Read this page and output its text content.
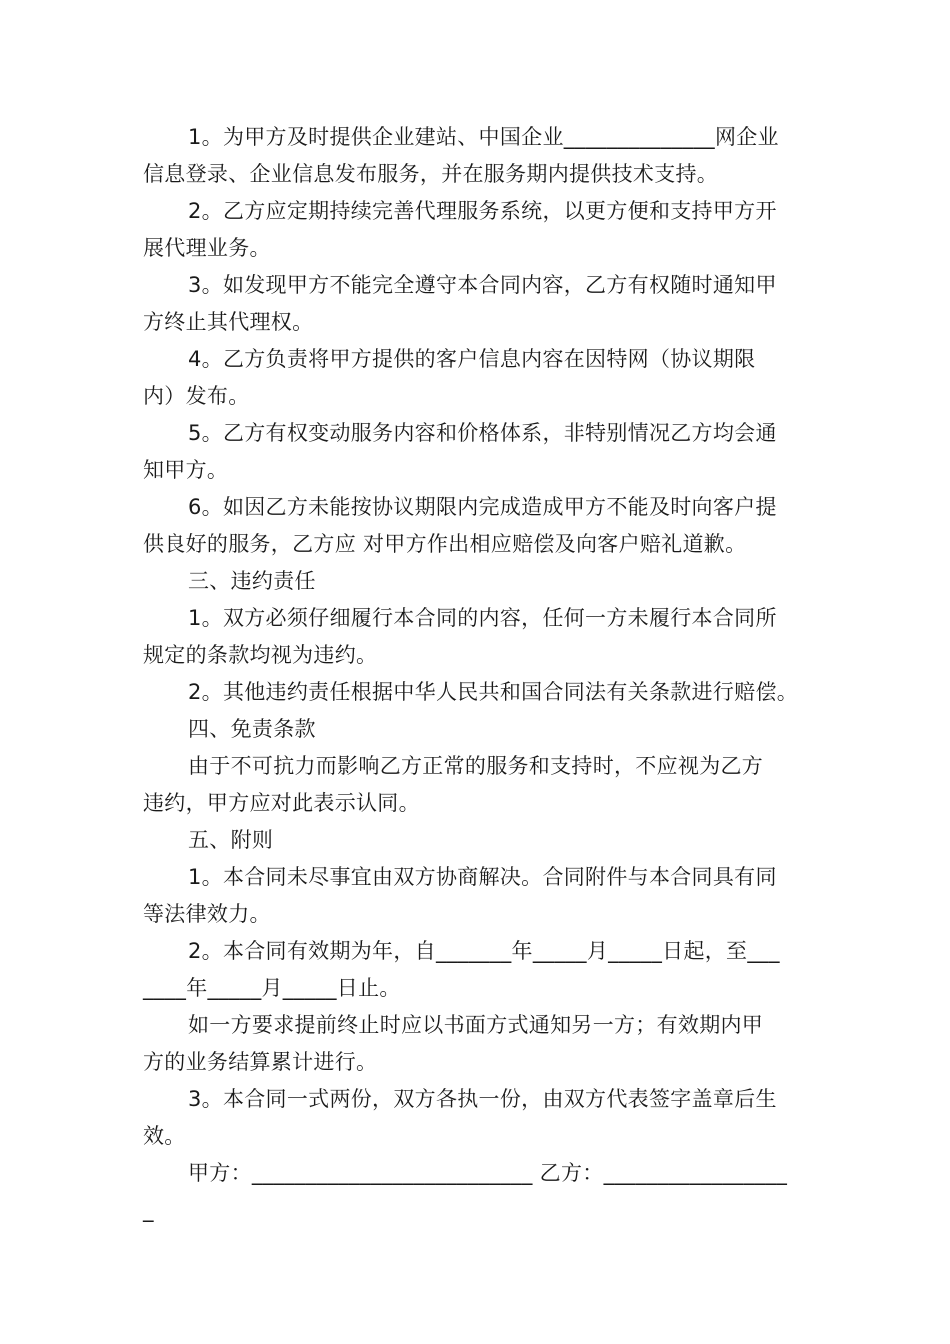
1。为甲方及时提供企业建站、中国企业______________网企业
信息登录、企业信息发布服务，并在服务期内提供技术支持。
2。乙方应定期持续完善代理服务系统，以更方便和支持甲方开
展代理业务。
3。如发现甲方不能完全遵守本合同内容，乙方有权随时通知甲
方终止其代理权。
4。乙方负责将甲方提供的客户信息内容在因特网（协议期限
内）发布。
5。乙方有权变动服务内容和价格体系，非特别情况乙方均会通
知甲方。
6。如因乙方未能按协议期限内完成造成甲方不能及时向客户提
供良好的服务，乙方应 对甲方作出相应赔偿及向客户赔礼道歉。
三、违约责任
1。双方必须仔细履行本合同的内容，任何一方未履行本合同所
规定的条款均视为违约。
2。其他违约责任根据中华人民共和国合同法有关条款进行赔偿。
四、免责条款
由于不可抗力而影响乙方正常的服务和支持时，不应视为乙方
违约，甲方应对此表示认同。
五、附则
1。本合同未尽事宜由双方协商解决。合同附件与本合同具有同
等法律效力。
2。本合同有效期为年，自_______年_____月_____日起，至___
____年_____月_____日止。
如一方要求提前终止时应以书面方式通知另一方；有效期内甲
方的业务结算累计进行。
3。本合同一式两份，双方各执一份，由双方代表签字盖章后生
效。
甲方：__________________________ 乙方：_________________
_
